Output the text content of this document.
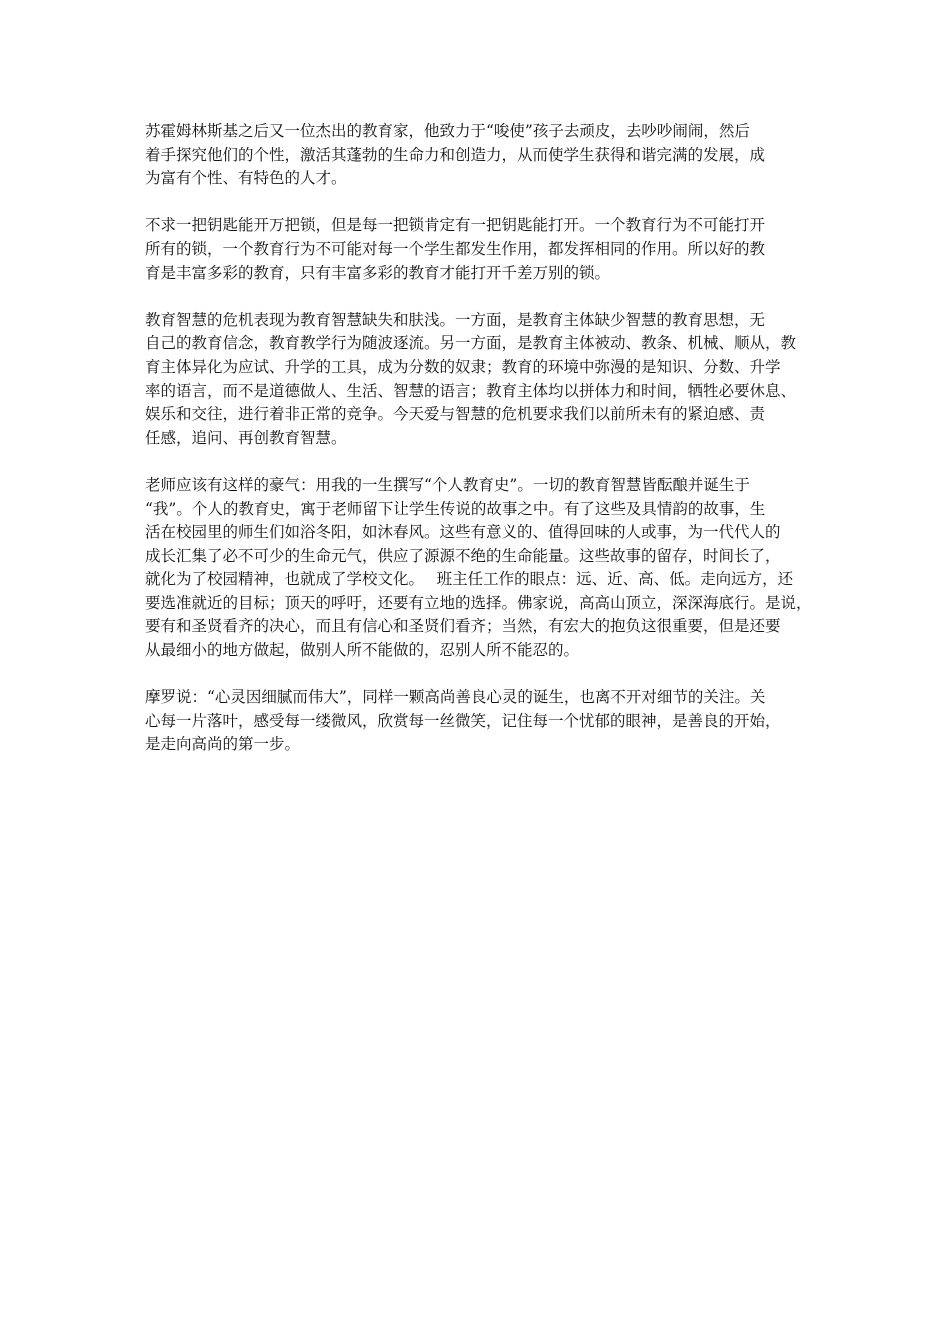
苏霍姆林斯基之后又一位杰出的教育家，他致力于“唆使”孩子去顽皮，去吵吵闹闹，然后
着手探究他们的个性，激活其蓬勃的生命力和创造力，从而使学生获得和谐完满的发展，成
为富有个性、有特色的人才。
不求一把钥匙能开万把锁，但是每一把锁肯定有一把钥匙能打开。一个教育行为不可能打开
所有的锁，一个教育行为不可能对每一个学生都发生作用，都发挥相同的作用。所以好的教
育是丰富多彩的教育，只有丰富多彩的教育才能打开千差万别的锁。
教育智慧的危机表现为教育智慧缺失和肤浅。一方面，是教育主体缺少智慧的教育思想，无
自己的教育信念，教育教学行为随波逐流。另一方面，是教育主体被动、教条、机械、顺从，教
育主体异化为应试、升学的工具，成为分数的奴隶；教育的环境中弥漫的是知识、分数、升学
率的语言，而不是道德做人、生活、智慧的语言；教育主体均以拼体力和时间，牺牲必要休息、
娱乐和交往，进行着非正常的竞争。今天爱与智慧的危机要求我们以前所未有的紧迫感、责
任感，追问、再创教育智慧。
老师应该有这样的豪气：用我的一生撰写“个人教育史”。一切的教育智慧皆酝酿并诞生于
“我”。个人的教育史，寓于老师留下让学生传说的故事之中。有了这些及具情韵的故事，生
活在校园里的师生们如浴冬阳，如沐春风。这些有意义的、值得回味的人或事，为一代代人的
成长汇集了必不可少的生命元气，供应了源源不绝的生命能量。这些故事的留存，时间长了，
就化为了校园精神，也就成了学校文化。　 班主任工作的眼点：远、近、高、低。走向远方，还
要选准就近的目标；顶天的呼吁，还要有立地的选择。佛家说，高高山顶立，深深海底行。是说，
要有和圣贤看齐的决心，而且有信心和圣贤们看齐；当然，有宏大的抱负这很重要，但是还要
从最细小的地方做起，做别人所不能做的，忍别人所不能忍的。
摩罗说：“心灵因细腻而伟大”，同样一颗高尚善良心灵的诞生，也离不开对细节的关注。关
心每一片落叶，感受每一缕微风，欣赏每一丝微笑，记住每一个忧郁的眼神，是善良的开始，
是走向高尚的第一步。
